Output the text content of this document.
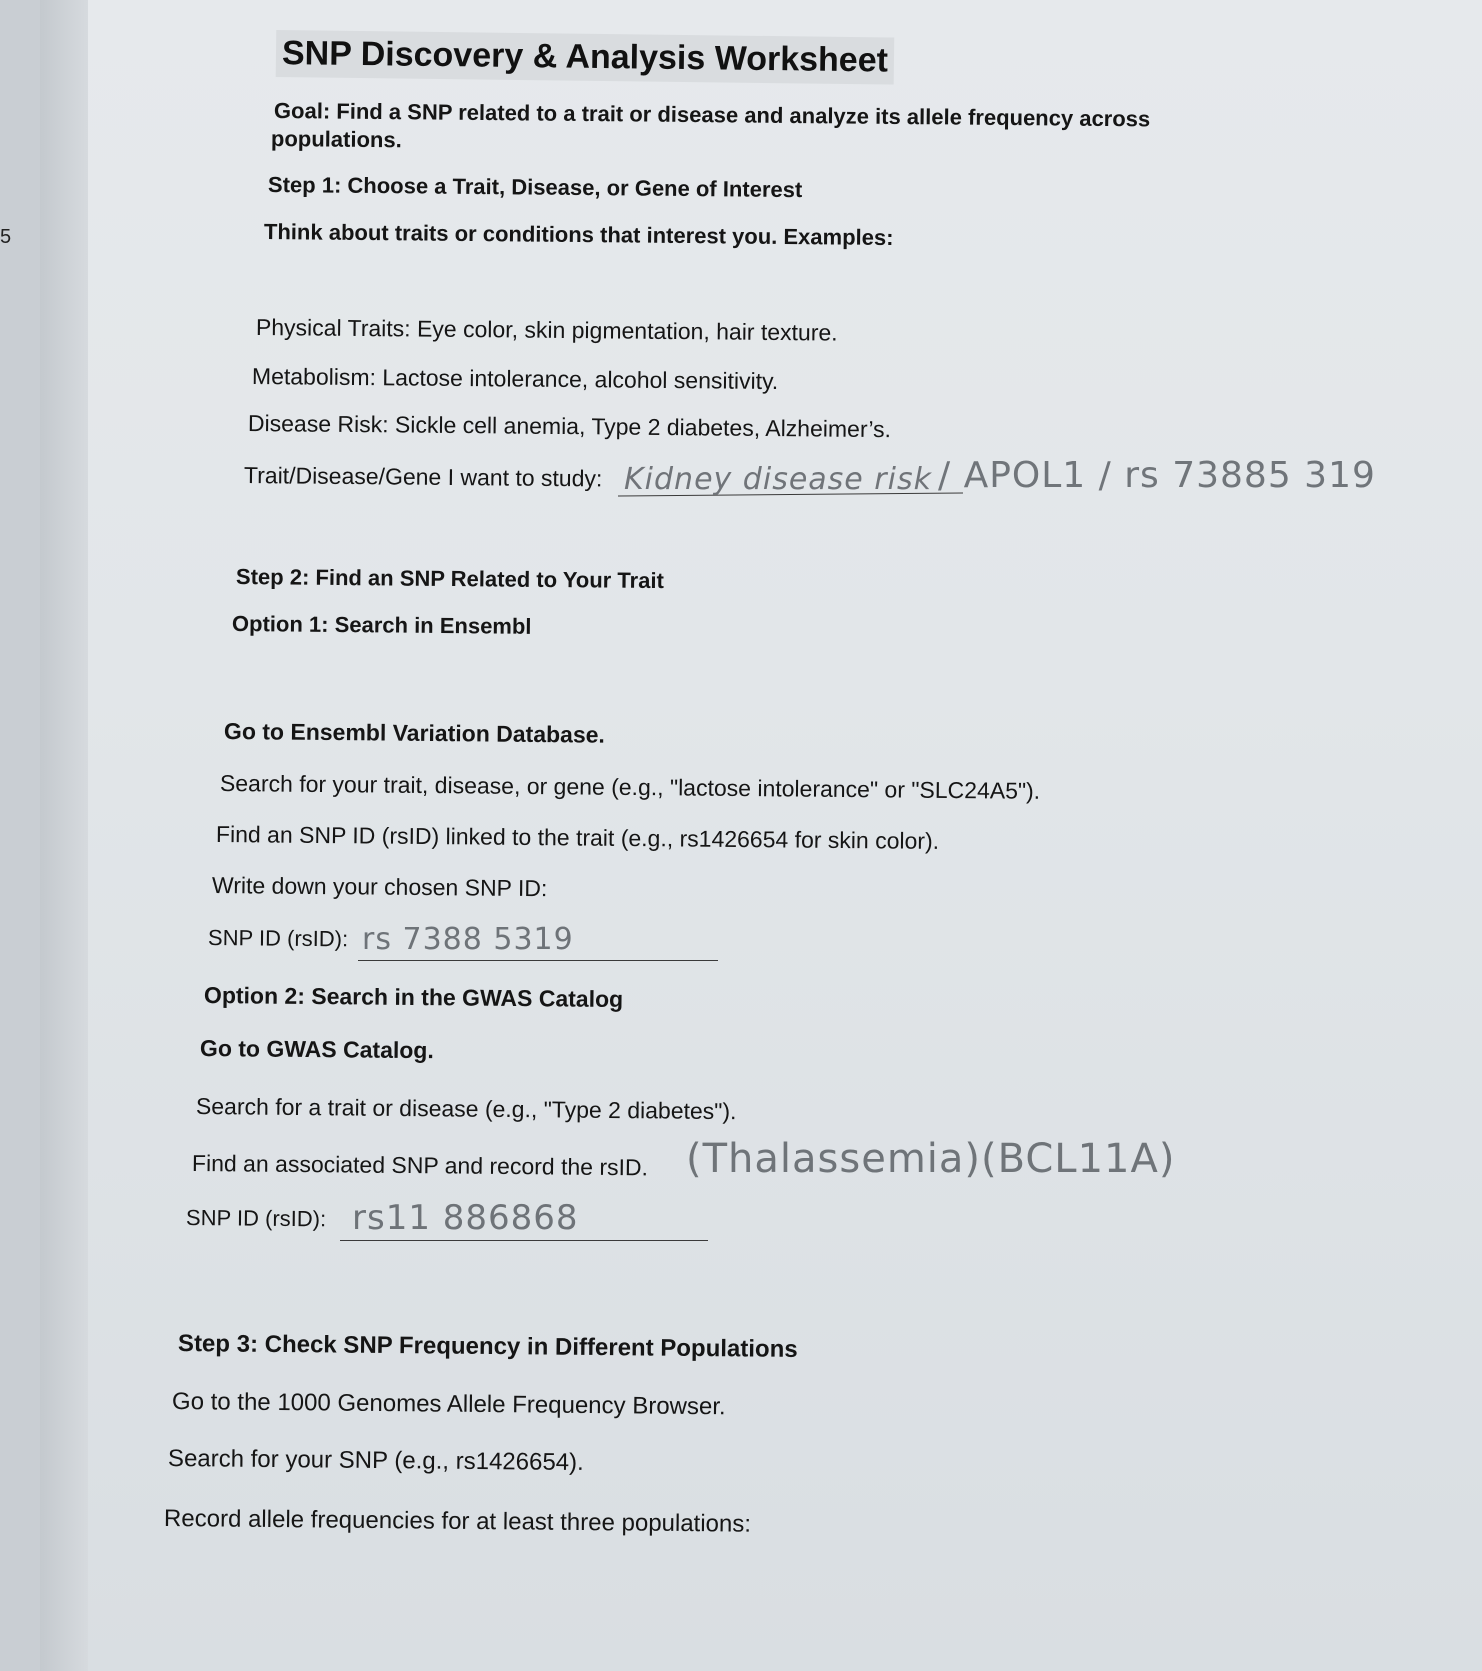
5
SNP Discovery & Analysis Worksheet
Goal: Find a SNP related to a trait or disease and analyze its allele frequency across
populations.
Step 1: Choose a Trait, Disease, or Gene of Interest
Think about traits or conditions that interest you. Examples:
Physical Traits: Eye color, skin pigmentation, hair texture.
Metabolism: Lactose intolerance, alcohol sensitivity.
Disease Risk: Sickle cell anemia, Type 2 diabetes, Alzheimer’s.
Trait/Disease/Gene I want to study: Kidney disease risk / APOL1 / rs 73885 319
Step 2: Find an SNP Related to Your Trait
Option 1: Search in Ensembl
Go to Ensembl Variation Database.
Search for your trait, disease, or gene (e.g., "lactose intolerance" or "SLC24A5").
Find an SNP ID (rsID) linked to the trait (e.g., rs1426654 for skin color).
Write down your chosen SNP ID:
SNP ID (rsID): rs 7388 5319
Option 2: Search in the GWAS Catalog
Go to GWAS Catalog.
Search for a trait or disease (e.g., "Type 2 diabetes").
Find an associated SNP and record the rsID. (Thalassemia)(BCL11A)
SNP ID (rsID): rs11 886868
Step 3: Check SNP Frequency in Different Populations
Go to the 1000 Genomes Allele Frequency Browser.
Search for your SNP (e.g., rs1426654).
Record allele frequencies for at least three populations:
